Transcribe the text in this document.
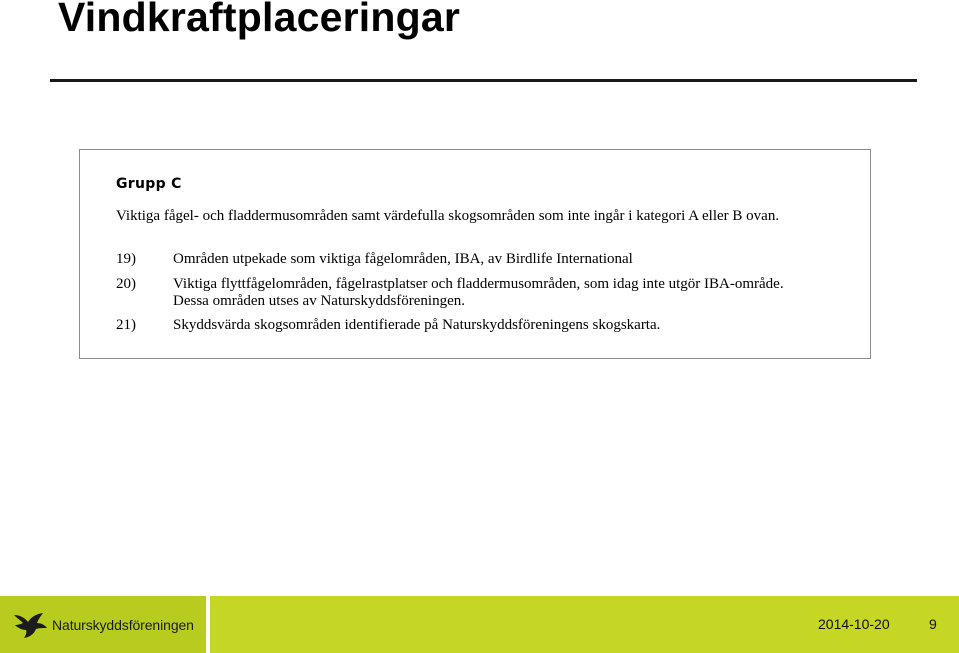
Vindkraftplaceringar
Grupp C
Viktiga fågel- och fladdermusområden samt värdefulla skogsområden som inte ingår i kategori A eller B ovan.
19) Områden utpekade som viktiga fågelområden, IBA, av Birdlife International
20) Viktiga flyttfågelområden, fågelrastplatser och fladdermusområden, som idag inte utgör IBA-område.
Dessa områden utses av Naturskyddsföreningen.
21) Skyddsvärda skogsområden identifierade på Naturskyddsföreningens skogskarta.
Naturskyddsföreningen	2014-10-20	9
